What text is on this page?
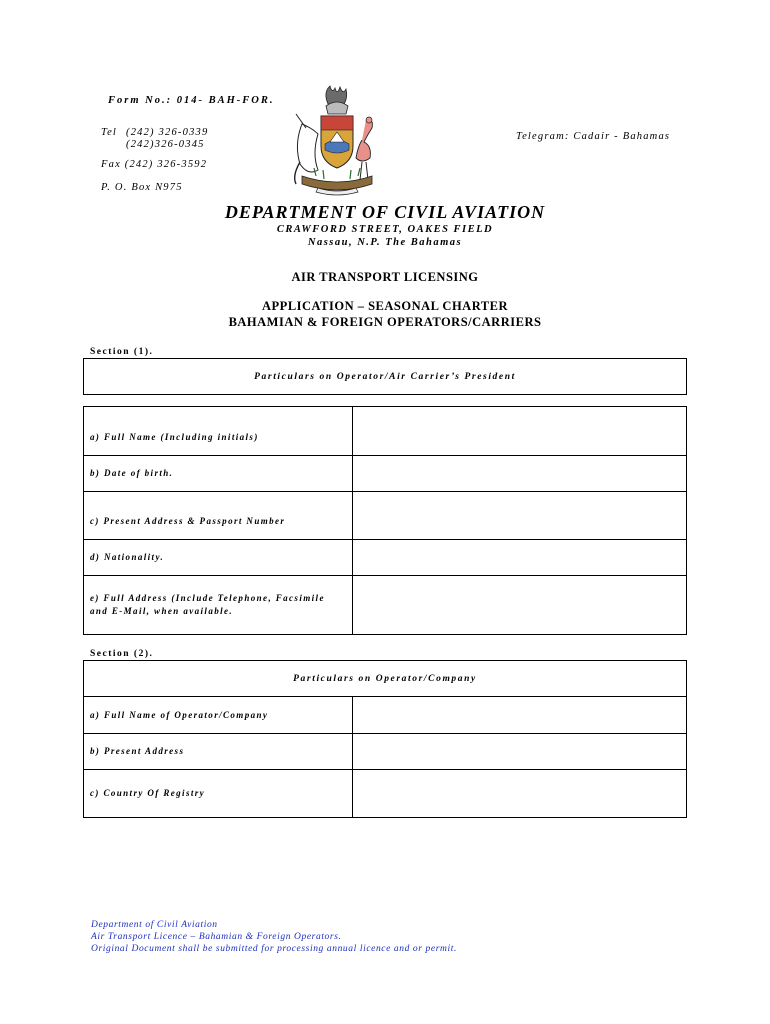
Form No.: 014- BAH-FOR.
Tel (242) 326-0339
(242)326-0345
Fax (242) 326-3592
P. O. Box N975
Telegram: Cadair - Bahamas
DEPARTMENT OF CIVIL AVIATION
CRAWFORD STREET, OAKES FIELD
Nassau, N.P. The Bahamas
AIR TRANSPORT LICENSING
APPLICATION – SEASONAL CHARTER
BAHAMIAN & FOREIGN OPERATORS/CARRIERS
Section (1).
Particulars on Operator/Air Carrier’s President
a) Full Name (Including initials)	
b) Date of birth.	
c) Present Address & Passport Number	
d) Nationality.	
e) Full Address (Include Telephone, Facsimile and E-Mail, when available.	
Section (2).
Particulars on Operator/Company
a) Full Name of Operator/Company	
b) Present Address	
c) Country Of Registry	
Department of Civil Aviation
Air Transport Licence – Bahamian & Foreign Operators.
Original Document shall be submitted for processing annual licence and or permit.
